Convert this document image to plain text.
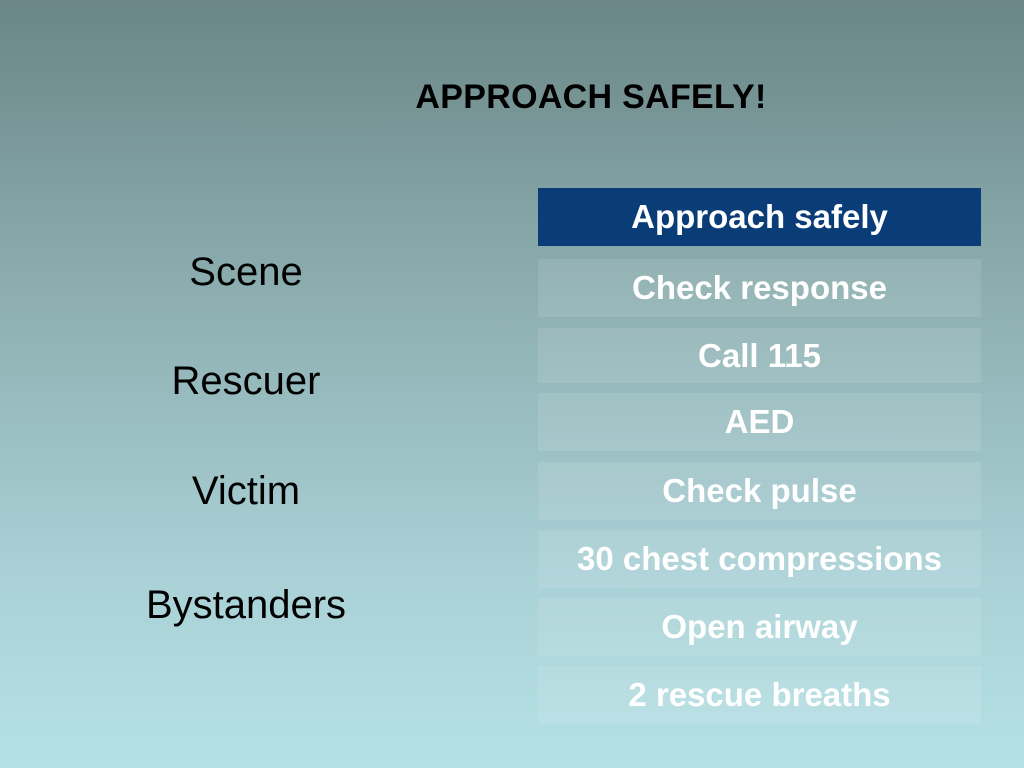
APPROACH SAFELY!
Scene
Rescuer
Victim
Bystanders
Approach safely
Check response
Call 115
AED
Check pulse
30 chest compressions
Open airway
2 rescue breaths
